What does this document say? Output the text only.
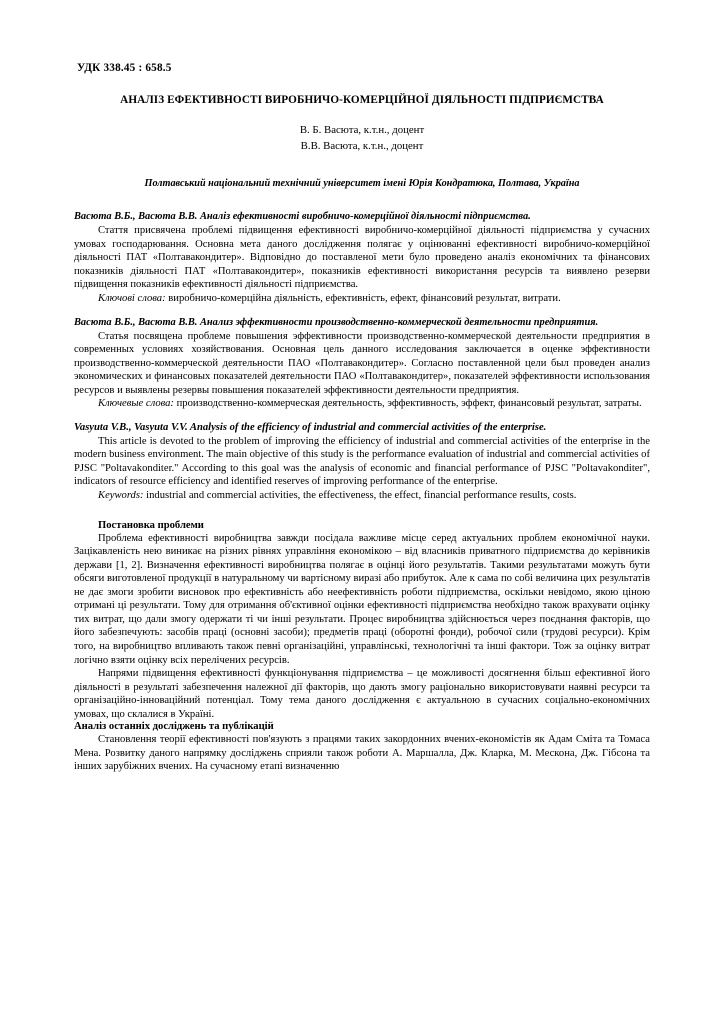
УДК 338.45 : 658.5
АНАЛІЗ ЕФЕКТИВНОСТІ ВИРОБНИЧО-КОМЕРЦІЙНОЇ ДІЯЛЬНОСТІ ПІДПРИЄМСТВА
В. Б. Васюта, к.т.н., доцент
В.В. Васюта, к.т.н., доцент
Полтавський національний технічний університет імені Юрія Кондратюка, Полтава, Україна
Васюта В.Б., Васюта В.В. Аналіз ефективності виробничо-комерційної діяльності підприємства.

Стаття присвячена проблемі підвищення ефективності виробничо-комерційної діяльності підприємства у сучасних умовах господарювання. Основна мета даного дослідження полягає у оцінюванні ефективності виробничо-комерційної діяльності ПАТ «Полтавакондитер». Відповідно до поставленої мети було проведено аналіз економічних та фінансових показників діяльності ПАТ «Полтавакондитер», показників ефективності використання ресурсів та виявлено резерви підвищення показників ефективності діяльності підприємства.

Ключові слова: виробничо-комерційна діяльність, ефективність, ефект, фінансовий результат, витрати.

Васюта В.Б., Васюта В.В. Анализ эффективности производственно-коммерческой деятельности предприятия.

Статья посвящена проблеме повышения эффективности производственно-коммерческой деятельности предприятия в современных условиях хозяйствования. Основная цель данного исследования заключается в оценке эффективности производственно-коммерческой деятельности ПАО «Полтавакондитер». Согласно поставленной цели был проведен анализ экономических и финансовых показателей деятельности ПАО «Полтавакондитер», показателей эффективности использования ресурсов и выявлены резервы повышения показателей эффективности деятельности предприятия.

Ключевые слова: производственно-коммерческая деятельность, эффективность, эффект, финансовый результат, затраты.

Vasyuta V.B., Vasyuta V.V. Analysis of the efficiency of industrial and commercial activities of the enterprise.

This article is devoted to the problem of improving the efficiency of industrial and commercial activities of the enterprise in the modern business environment. The main objective of this study is the performance evaluation of industrial and commercial activities of PJSC "Poltavakonditer." According to this goal was the analysis of economic and financial performance of PJSC "Poltavakonditer", indicators of resource efficiency and identified reserves of improving performance of the enterprise.

Keywords: industrial and commercial activities, the effectiveness, the effect, financial performance results, costs.

Постановка проблеми

Проблема ефективності виробництва завжди посідала важливе місце серед актуальних проблем економічної науки. Зацікавленість нею виникає на різних рівнях управління економікою – від власників приватного підприємства до керівників держави [1, 2]. Визначення ефективності виробництва полягає в оцінці його результатів. Такими результатами можуть бути обсяги виготовленої продукції в натуральному чи вартісному виразі або прибуток. Але к сама по собі величина цих результатів не дає змоги зробити висновок про ефективність або неефективність роботи підприємства, оскільки невідомо, якою ціною отримані ці результати. Тому для отримання об'єктивної оцінки ефективності підприємства необхідно також врахувати оцінку тих витрат, що дали змогу одержати ті чи інші результати. Процес виробництва здійснюється через поєднання факторів, що його забезпечують: засобів праці (основні засоби); предметів праці (оборотні фонди), робочої сили (трудові ресурси). Крім того, на виробництво впливають також певні організаційні, управлінські, технологічні та інші фактори. Тож за оцінку витрат логічно взяти оцінку всіх перелічених ресурсів.

Напрями підвищення ефективності функціонування підприємства – це можливості досягнення більш ефективної його діяльності в результаті забезпечення належної дії факторів, що дають змогу раціонально використовувати наявні ресурси та організаційно-інноваційний потенціал. Тому тема даного дослідження є актуальною в сучасних соціально-економічних умовах, що склалися в Україні.

Аналіз останніх досліджень та публікацій

Становлення теорії ефективності пов'язують з працями таких закордонних вчених-економістів як Адам Сміта та Томаса Мена. Розвитку даного напрямку досліджень сприяли також роботи А. Маршалла, Дж. Кларка, М. Мескона, Дж. Гібсона та інших зарубіжних вчених. На сучасному етапі визначенню
